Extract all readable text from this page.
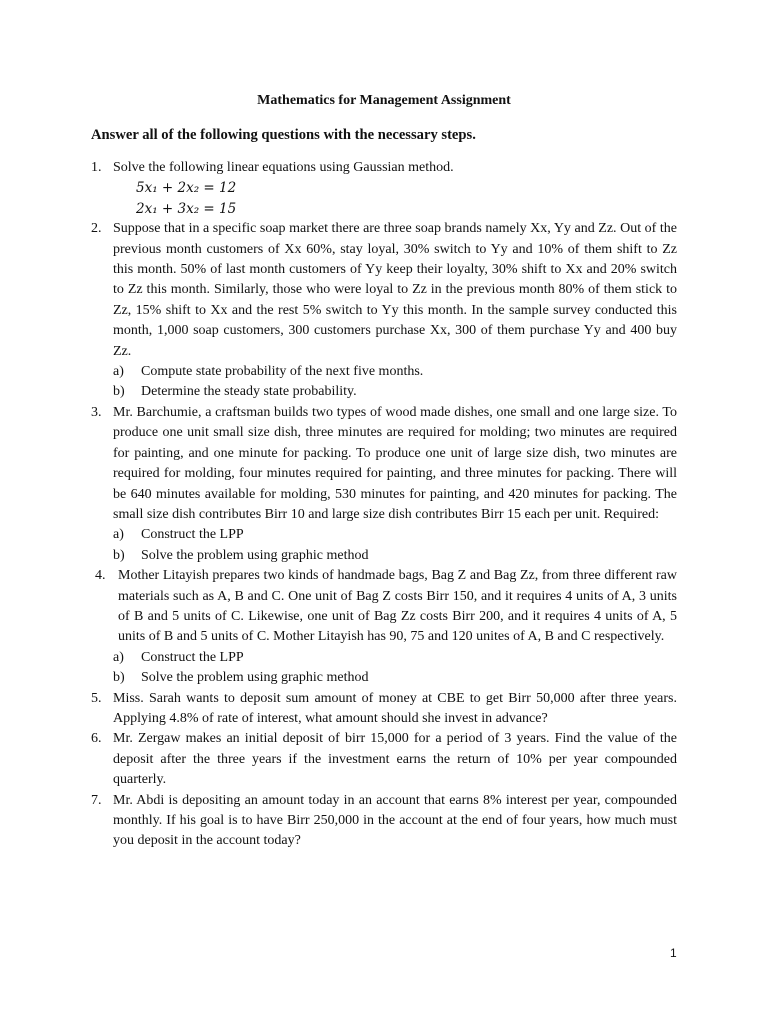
Mathematics for Management Assignment
Answer all of the following questions with the necessary steps.
1. Solve the following linear equations using Gaussian method.
5x₁ + 2x₂ = 12
2x₁ + 3x₂ = 15
2. Suppose that in a specific soap market there are three soap brands namely Xx, Yy and Zz. Out of the previous month customers of Xx 60%, stay loyal, 30% switch to Yy and 10% of them shift to Zz this month. 50% of last month customers of Yy keep their loyalty, 30% shift to Xx and 20% switch to Zz this month. Similarly, those who were loyal to Zz in the previous month 80% of them stick to Zz, 15% shift to Xx and the rest 5% switch to Yy this month. In the sample survey conducted this month, 1,000 soap customers, 300 customers purchase Xx, 300 of them purchase Yy and 400 buy Zz.
a) Compute state probability of the next five months.
b) Determine the steady state probability.
3. Mr. Barchumie, a craftsman builds two types of wood made dishes, one small and one large size. To produce one unit small size dish, three minutes are required for molding; two minutes are required for painting, and one minute for packing. To produce one unit of large size dish, two minutes are required for molding, four minutes required for painting, and three minutes for packing. There will be 640 minutes available for molding, 530 minutes for painting, and 420 minutes for packing. The small size dish contributes Birr 10 and large size dish contributes Birr 15 each per unit. Required:
a) Construct the LPP
b) Solve the problem using graphic method
4. Mother Litayish prepares two kinds of handmade bags, Bag Z and Bag Zz, from three different raw materials such as A, B and C. One unit of Bag Z costs Birr 150, and it requires 4 units of A, 3 units of B and 5 units of C. Likewise, one unit of Bag Zz costs Birr 200, and it requires 4 units of A, 5 units of B and 5 units of C. Mother Litayish has 90, 75 and 120 unites of A, B and C respectively.
a) Construct the LPP
b) Solve the problem using graphic method
5. Miss. Sarah wants to deposit sum amount of money at CBE to get Birr 50,000 after three years. Applying 4.8% of rate of interest, what amount should she invest in advance?
6. Mr. Zergaw makes an initial deposit of birr 15,000 for a period of 3 years. Find the value of the deposit after the three years if the investment earns the return of 10% per year compounded quarterly.
7. Mr. Abdi is depositing an amount today in an account that earns 8% interest per year, compounded monthly. If his goal is to have Birr 250,000 in the account at the end of four years, how much must you deposit in the account today?
1
